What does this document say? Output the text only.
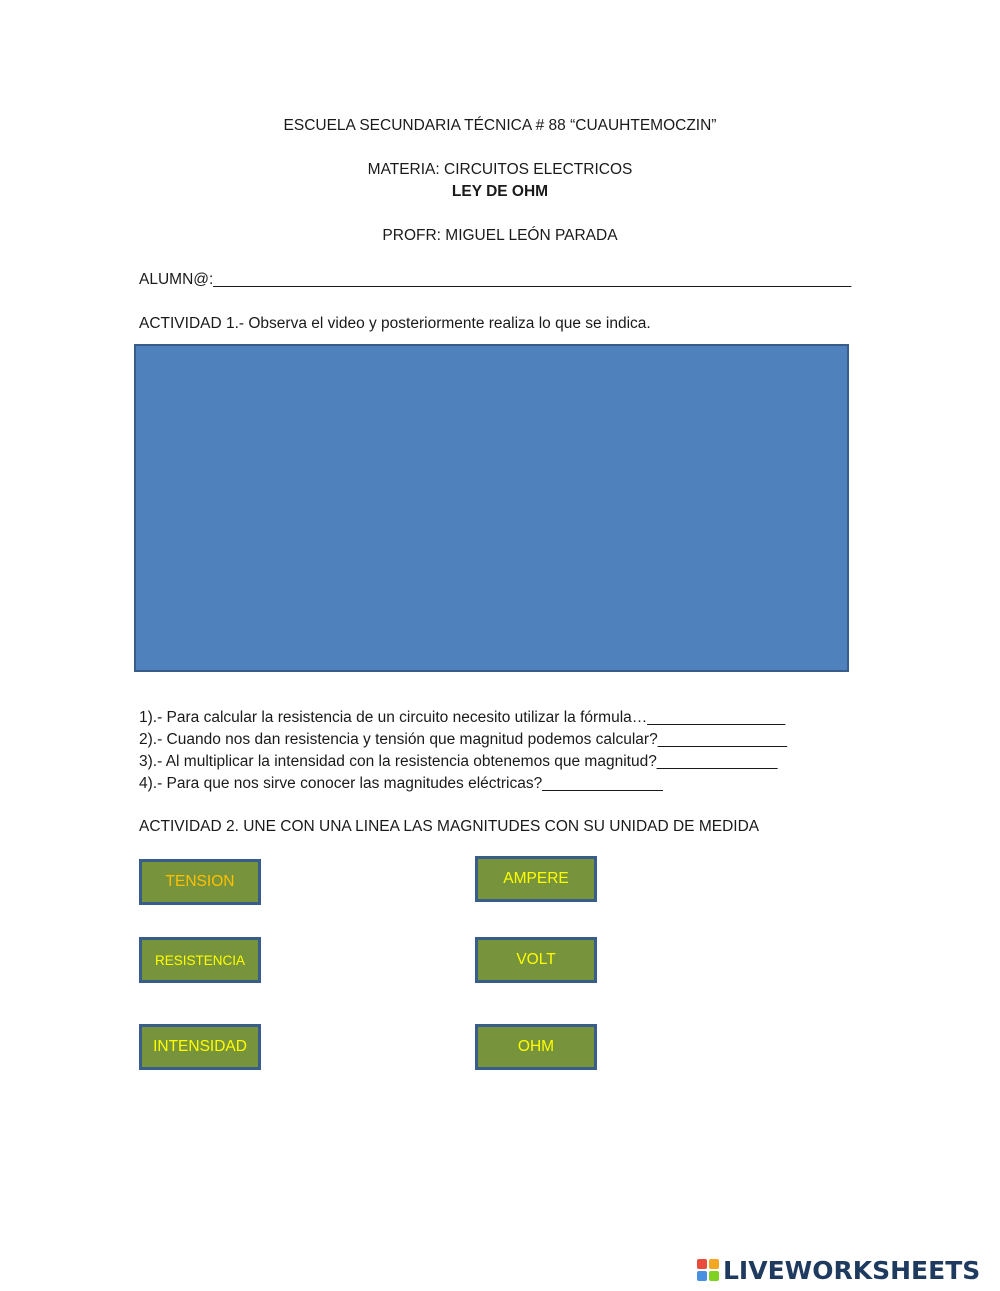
ESCUELA SECUNDARIA TÉCNICA # 88 “CUAUHTEMOCZIN”
MATERIA: CIRCUITOS ELECTRICOS
LEY DE OHM
PROFR: MIGUEL LEÓN PARADA
ALUMN@:__________________________________________________________________________
ACTIVIDAD 1.- Observa el video y posteriormente realiza lo que se indica.
1).- Para calcular la resistencia de un circuito necesito utilizar la fórmula…________________
2).- Cuando nos dan resistencia y tensión que magnitud podemos calcular?_______________
3).- Al multiplicar la intensidad con la resistencia obtenemos que magnitud?______________
4).- Para que nos sirve conocer las magnitudes eléctricas?______________
ACTIVIDAD 2. UNE CON UNA LINEA LAS MAGNITUDES CON SU UNIDAD DE MEDIDA
TENSION
RESISTENCIA
INTENSIDAD
AMPERE
VOLT
OHM
LIVEWORKSHEETS
